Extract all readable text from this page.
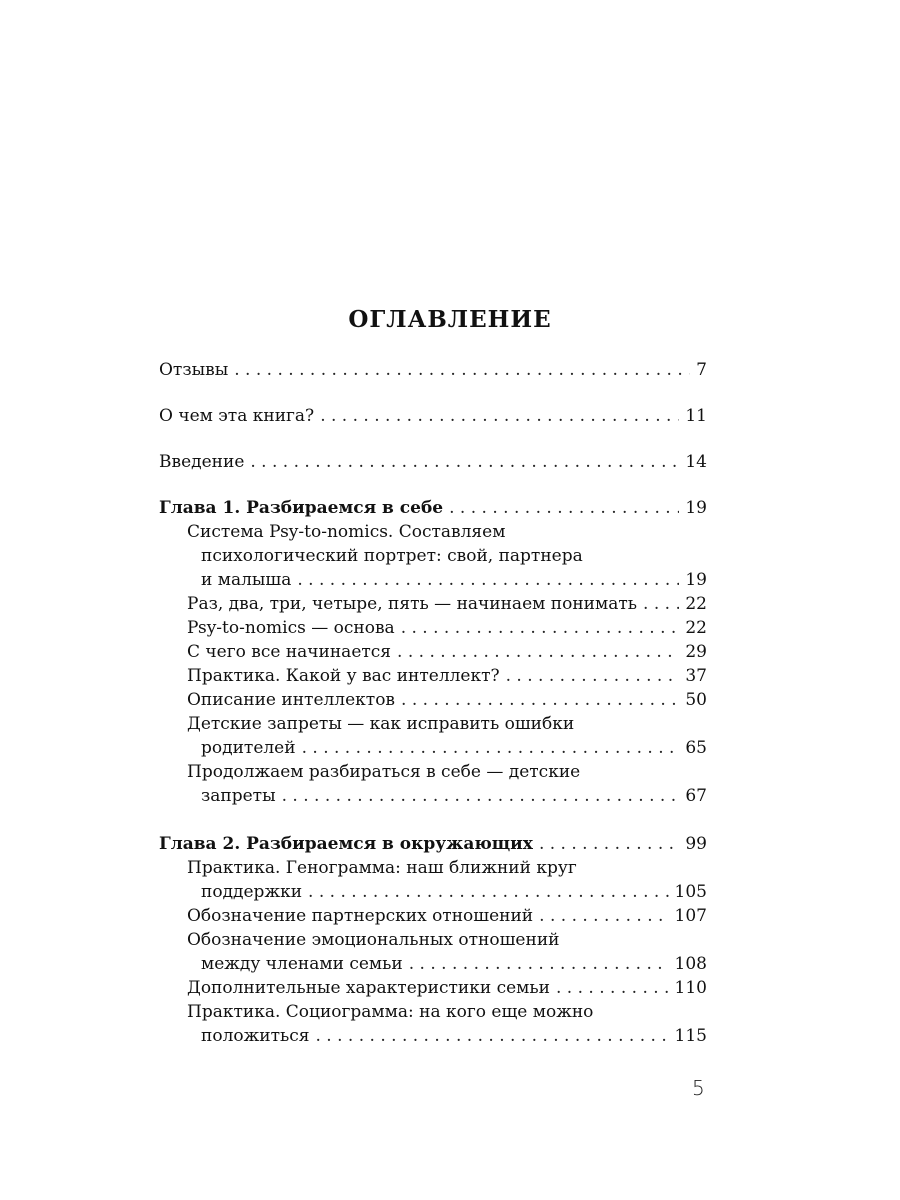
ОГЛАВЛЕНИЕ
Отзывы . . .	7
О чем эта книга? . . .	11
Введение . . .	14
Глава 1. Разбираемся в себе . . .	19
Система Psy-to-nomics. Составляем
психологический портрет: свой, партнера
и малыша . . .	19
Раз, два, три, четыре, пять — начинаем понимать . . .	22
Psy-to-nomics — основа . . .	22
С чего все начинается . . .	29
Практика. Какой у вас интеллект? . . .	37
Описание интеллектов . . .	50
Детские запреты — как исправить ошибки
родителей . . .	65
Продолжаем разбираться в себе — детские
запреты . . .	67
Глава 2. Разбираемся в окружающих . . .	99
Практика. Генограмма: наш ближний круг
поддержки . . .	105
Обозначение партнерских отношений . . .	107
Обозначение эмоциональных отношений
между членами семьи . . .	108
Дополнительные характеристики семьи . . .	110
Практика. Социограмма: на кого еще можно
положиться . . .	115
5
